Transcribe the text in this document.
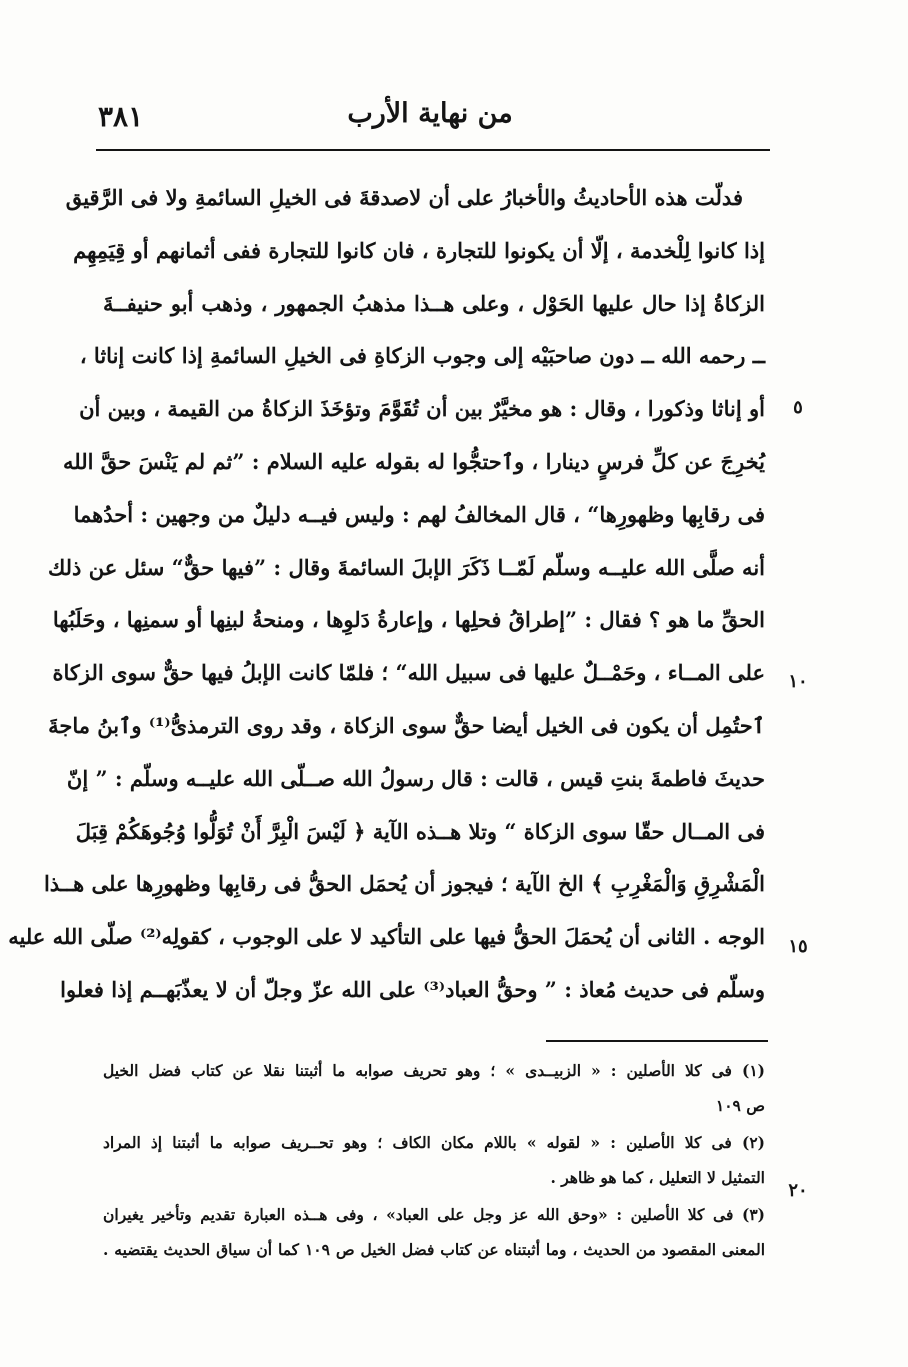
٣٨١	من نهاية الأرب
فدلّت هذه الأحاديثُ والأخبارُ على أن لاصدقةَ فى الخيلِ السائمةِ ولا فى الرَّقيق
إذا كانوا لِلْخدمة ، إلّا أن يكونوا للتجارة ، فان كانوا للتجارة ففى أثمانهم أو قِيَمِهِم
الزكاةُ إذا حال عليها الحَوْل ، وعلى هــذا مذهبُ الجمهور ، وذهب أبو حنيفــةَ
ــ رحمه الله ــ دون صاحبَيْه إلى وجوب الزكاةِ فى الخيلِ السائمةِ إذا كانت إناثا ،
أو إناثا وذكورا ، وقال : هو مخيَّرٌ بين أن تُقَوَّمَ وتؤخَذَ الزكاةُ من القيمة ، وبين أن
يُخرِجَ عن كلِّ فرسٍ دينارا ، وٱحتجُّوا له بقوله عليه السلام : ”ثم لم يَنْسَ حقَّ الله
فى رقابِها وظهورِها“ ، قال المخالفُ لهم : وليس فيــه دليلٌ من وجهين : أحدُهما
أنه صلَّى الله عليــه وسلّم لَمّــا ذَكَرَ الإبلَ السائمةَ وقال : ”فيها حقٌّ“ سئل عن ذلك
الحقِّ ما هو ؟ فقال : ”إطراقُ فحلِها ، وإعارةُ دَلوِها ، ومنحةُ لبنِها أو سمنِها ، وحَلَبُها
على المــاء ، وحَمْــلٌ عليها فى سبيل الله“ ؛ فلمّا كانت الإبلُ فيها حقٌّ سوى الزكاة
ٱحتُمِل أن يكون فى الخيل أيضا حقٌّ سوى الزكاة ، وقد روى الترمذىُّ⁽¹⁾ وٱبنُ ماجةَ
حديثَ فاطمةَ بنتِ قيس ، قالت : قال رسولُ الله صــلّى الله عليــه وسلّم : ” إنّ
فى المــال حقّا سوى الزكاة “ وتلا هــذه الآية ﴿ لَيْسَ الْبِرَّ أَنْ تُوَلُّوا وُجُوهَكُمْ قِبَلَ
الْمَشْرِقِ وَالْمَغْرِبِ ﴾ الخ الآية ؛ فيجوز أن يُحمَل الحقُّ فى رقابِها وظهورِها على هــذا
الوجه . الثانى أن يُحمَلَ الحقُّ فيها على التأكيد لا على الوجوب ، كقولِه⁽²⁾ صلّى الله عليه
وسلّم فى حديث مُعاذ : ” وحقُّ العباد⁽³⁾ على الله عزّ وجلّ أن لا يعذّبَهــم إذا فعلوا
٥
١٠
١٥
٢٠
(١) فى كلا الأصلين : « الزبيــدى » ؛ وهو تحريف صوابه ما أثبتنا نقلا عن كتاب فضل الخيل
ص ١٠٩
(٢) فى كلا الأصلين : « لقوله » باللام مكان الكاف ؛ وهو تحــريف صوابه ما أثبتنا إذ المراد
التمثيل لا التعليل ، كما هو ظاهر .
(٣) فى كلا الأصلين : «وحق الله عز وجل على العباد» ، وفى هــذه العبارة تقديم وتأخير يغيران
المعنى المقصود من الحديث ، وما أثبتناه عن كتاب فضل الخيل ص ١٠٩ كما أن سياق الحديث يقتضيه .
